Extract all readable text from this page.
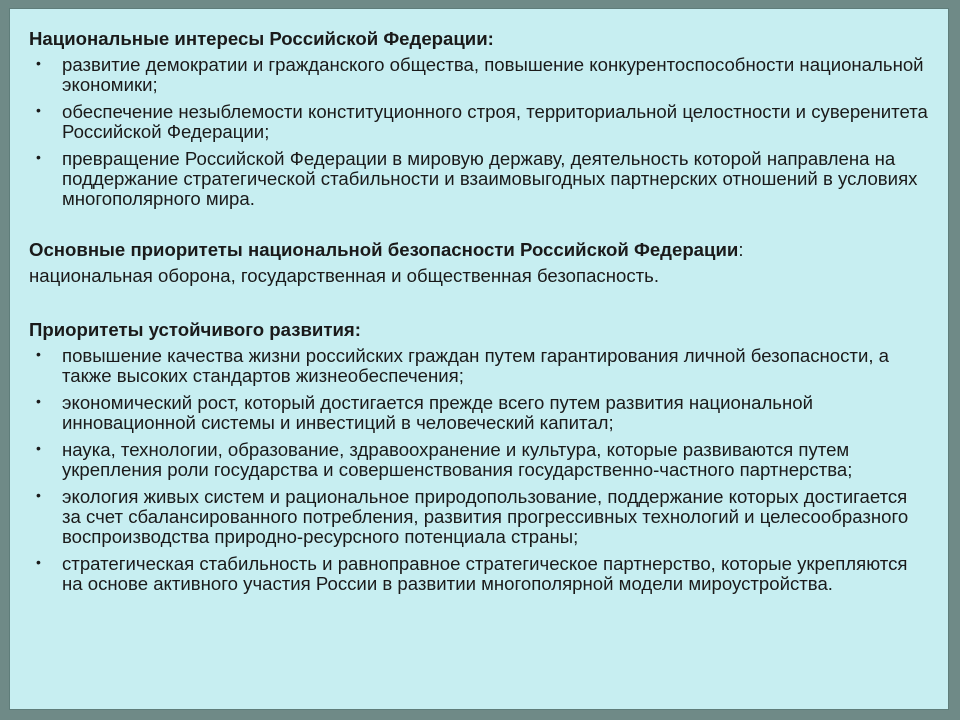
Национальные интересы Российской Федерации:

• развитие демократии и гражданского общества, повышение конкурентоспособности национальной экономики;
• обеспечение незыблемости конституционного строя, территориальной целостности и суверенитета Российской Федерации;
• превращение Российской Федерации в мировую державу, деятельность которой направлена на поддержание стратегической стабильности и взаимовыгодных партнерских отношений в условиях многополярного мира.

Основные приоритеты национальной безопасности Российской Федерации:

национальная оборона, государственная и общественная безопасность.

Приоритеты устойчивого развития:

• повышение качества жизни российских граждан путем гарантирования личной безопасности, а также высоких стандартов жизнеобеспечения;
• экономический рост, который достигается прежде всего путем развития национальной инновационной системы и инвестиций в человеческий капитал;
• наука, технологии, образование, здравоохранение и культура, которые развиваются путем укрепления роли государства и совершенствования государственно-частного партнерства;
• экология живых систем и рациональное природопользование, поддержание которых достигается за счет сбалансированного потребления, развития прогрессивных технологий и целесообразного воспроизводства природно-ресурсного потенциала страны;
• стратегическая стабильность и равноправное стратегическое партнерство, которые укрепляются на основе активного участия России в развитии многополярной модели мироустройства.
